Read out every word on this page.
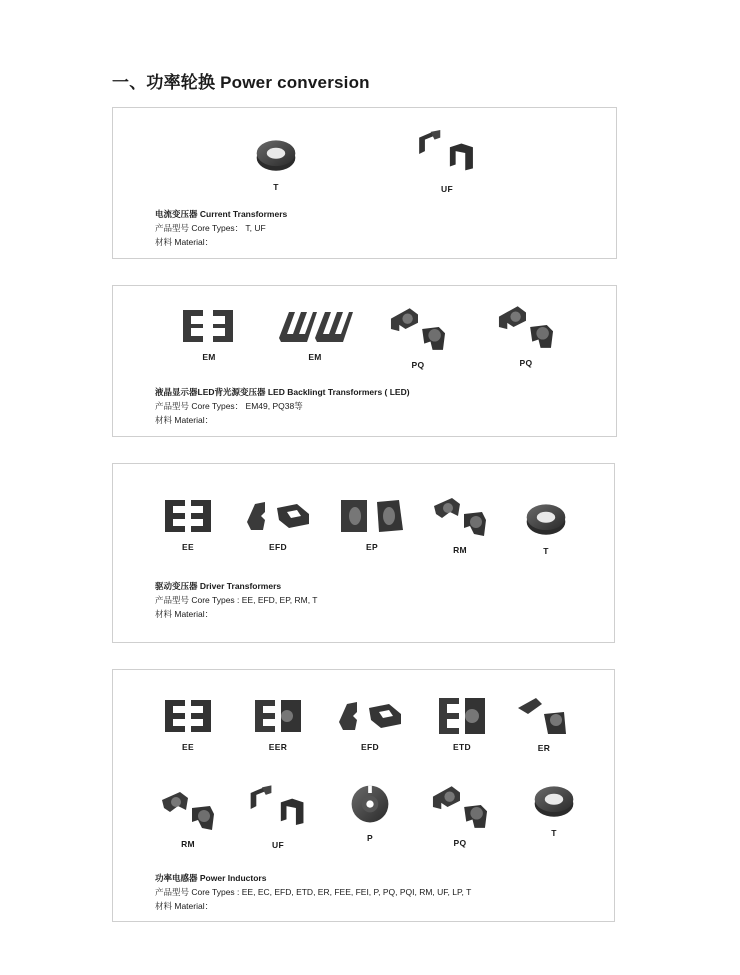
一、功率轮换 Power conversion
T	UF
电流变压器 Current Transformers
产品型号 Core Types： T, UF
材料 Material：
EM	EM
PQ	PQ
液晶显示器LED背光源变压器 LED Backlingt Transformers ( LED)
产品型号 Core Types： EM49, PQ38等
材料 Material：
EE	EFD	EP	RM	T
驱动变压器 Driver Transformers
产品型号 Core Types : EE, EFD, EP, RM, T
材料 Material：
EE	EER	EFD	ETD	ER
RM	UF
P	PQ
T
功率电感器 Power Inductors
产品型号 Core Types : EE, EC, EFD, ETD, ER, FEE, FEI, P, PQ, PQI, RM, UF, LP, T
材料 Material：
